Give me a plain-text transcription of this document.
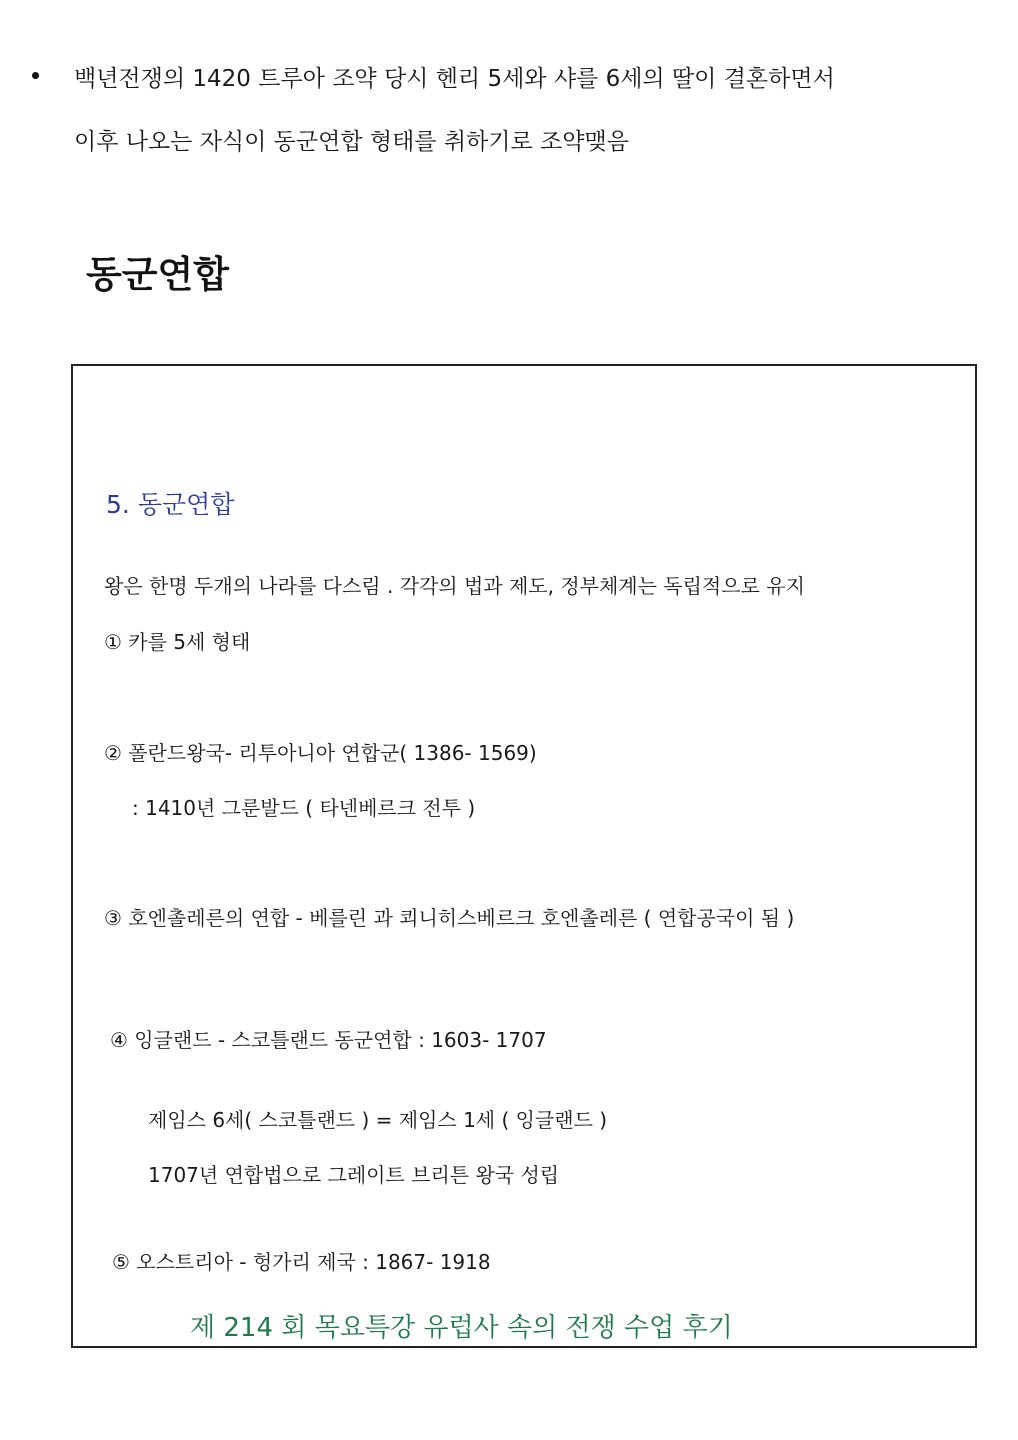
백년전쟁의 1420 트루아 조약 당시 헨리 5세와 샤를 6세의 딸이 결혼하면서
이후 나오는 자식이 동군연합 형태를 취하기로 조약맺음
동군연합
5. 동군연합
왕은 한명 두개의 나라를 다스림 . 각각의 법과 제도, 정부체계는 독립적으로 유지
① 카를 5세 형태
② 폴란드왕국- 리투아니아 연합군( 1386- 1569)
: 1410년 그룬발드 ( 타넨베르크 전투 )
③ 호엔촐레른의 연합 - 베를린 과 쾨니히스베르크 호엔촐레른 ( 연합공국이 됨 )
④ 잉글랜드 - 스코틀랜드 동군연합 : 1603- 1707
제임스 6세( 스코틀랜드 ) = 제임스 1세 ( 잉글랜드 )
1707년 연합법으로 그레이트 브리튼 왕국 성립
⑤ 오스트리아 - 헝가리 제국 : 1867- 1918
제 214 회 목요특강 유럽사 속의 전쟁 수업 후기
